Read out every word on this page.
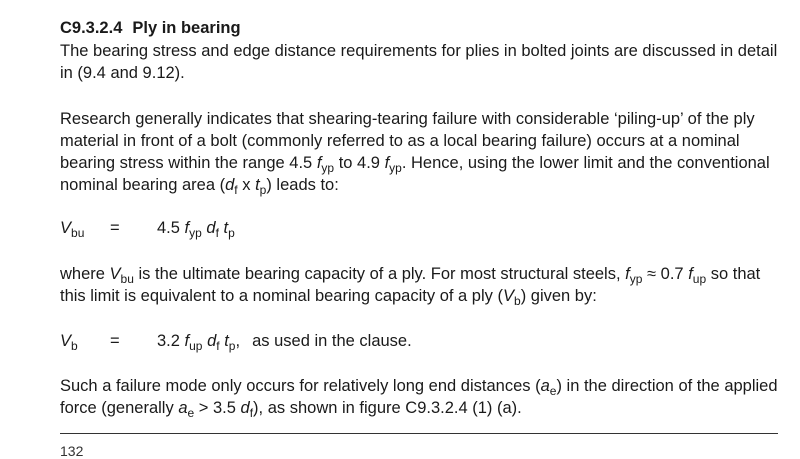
C9.3.2.4 Ply in bearing

The bearing stress and edge distance requirements for plies in bolted joints are discussed in detail in (9.4 and 9.12).

Research generally indicates that shearing-tearing failure with considerable ‘piling-up’ of the ply material in front of a bolt (commonly referred to as a local bearing failure) occurs at a nominal bearing stress within the range 4.5 $f_{yp}$ to 4.9 $f_{yp}$. Hence, using the lower limit and the conventional nominal bearing area ($d_f$ x $t_p$) leads to:

$V_{bu} = 4.5$ $f_{yp}$ $d_f$ $t_p$

where $V_{bu}$ is the ultimate bearing capacity of a ply. For most structural steels, $f_{yp} \approx 0.7$ $f_{up}$ so that this limit is equivalent to a nominal bearing capacity of a ply $(V_b)$ given by:

$V_b = 3.2$ $f_{up}$ $d_f$ $t_p$, as used in the clause.

Such a failure mode only occurs for relatively long end distances $(a_e)$ in the direction of the applied force (generally $a_e > 3.5$ $d_f$), as shown in figure C9.3.2.4 (1) (a).

132
